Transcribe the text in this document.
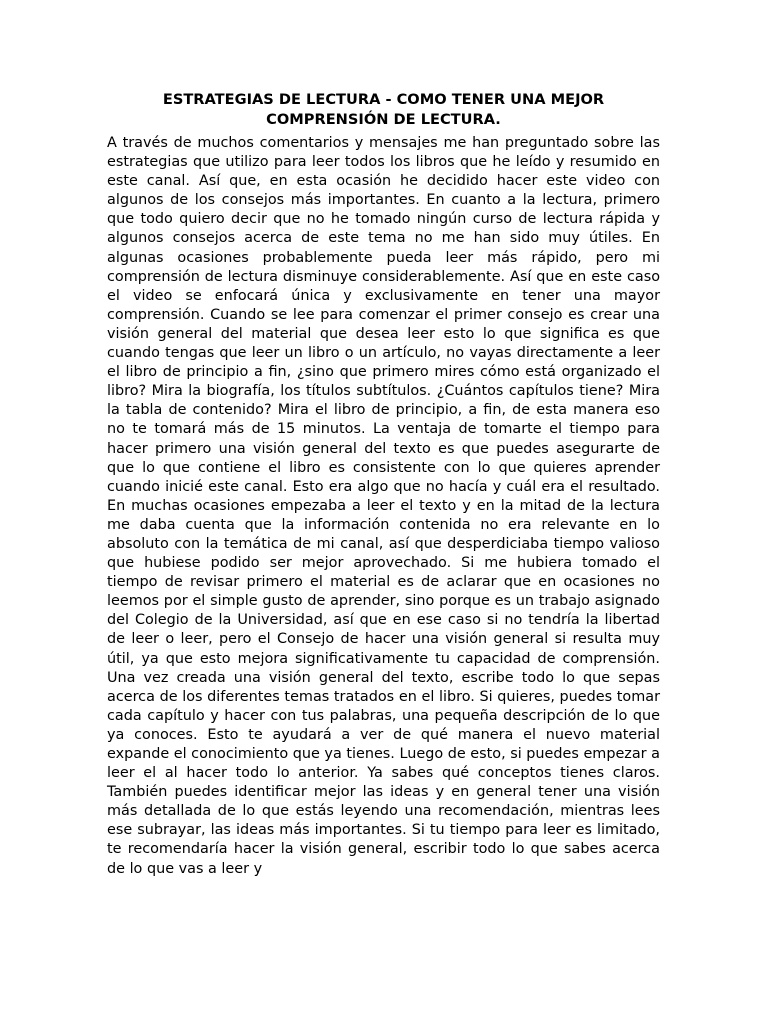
ESTRATEGIAS DE LECTURA - COMO TENER UNA MEJOR COMPRENSIÓN DE LECTURA.

A través de muchos comentarios y mensajes me han preguntado sobre las estrategias que utilizo para leer todos los libros que he leído y resumido en este canal. Así que, en esta ocasión he decidido hacer este video con algunos de los consejos más importantes. En cuanto a la lectura, primero que todo quiero decir que no he tomado ningún curso de lectura rápida y algunos consejos acerca de este tema no me han sido muy útiles. En algunas ocasiones probablemente pueda leer más rápido, pero mi comprensión de lectura disminuye considerablemente. Así que en este caso el video se enfocará única y exclusivamente en tener una mayor comprensión. Cuando se lee para comenzar el primer consejo es crear una visión general del material que desea leer esto lo que significa es que cuando tengas que leer un libro o un artículo, no vayas directamente a leer el libro de principio a fin, ¿sino que primero mires cómo está organizado el libro? Mira la biografía, los títulos subtítulos. ¿Cuántos capítulos tiene? Mira la tabla de contenido? Mira el libro de principio, a fin, de esta manera eso no te tomará más de 15 minutos. La ventaja de tomarte el tiempo para hacer primero una visión general del texto es que puedes asegurarte de que lo que contiene el libro es consistente con lo que quieres aprender cuando inicié este canal. Esto era algo que no hacía y cuál era el resultado. En muchas ocasiones empezaba a leer el texto y en la mitad de la lectura me daba cuenta que la información contenida no era relevante en lo absoluto con la temática de mi canal, así que desperdiciaba tiempo valioso que hubiese podido ser mejor aprovechado. Si me hubiera tomado el tiempo de revisar primero el material es de aclarar que en ocasiones no leemos por el simple gusto de aprender, sino porque es un trabajo asignado del Colegio de la Universidad, así que en ese caso si no tendría la libertad de leer o leer, pero el Consejo de hacer una visión general si resulta muy útil, ya que esto mejora significativamente tu capacidad de comprensión. Una vez creada una visión general del texto, escribe todo lo que sepas acerca de los diferentes temas tratados en el libro. Si quieres, puedes tomar cada capítulo y hacer con tus palabras, una pequeña descripción de lo que ya conoces. Esto te ayudará a ver de qué manera el nuevo material expande el conocimiento que ya tienes. Luego de esto, si puedes empezar a leer el al hacer todo lo anterior. Ya sabes qué conceptos tienes claros. También puedes identificar mejor las ideas y en general tener una visión más detallada de lo que estás leyendo una recomendación, mientras lees ese subrayar, las ideas más importantes. Si tu tiempo para leer es limitado, te recomendaría hacer la visión general, escribir todo lo que sabes acerca de lo que vas a leer y
